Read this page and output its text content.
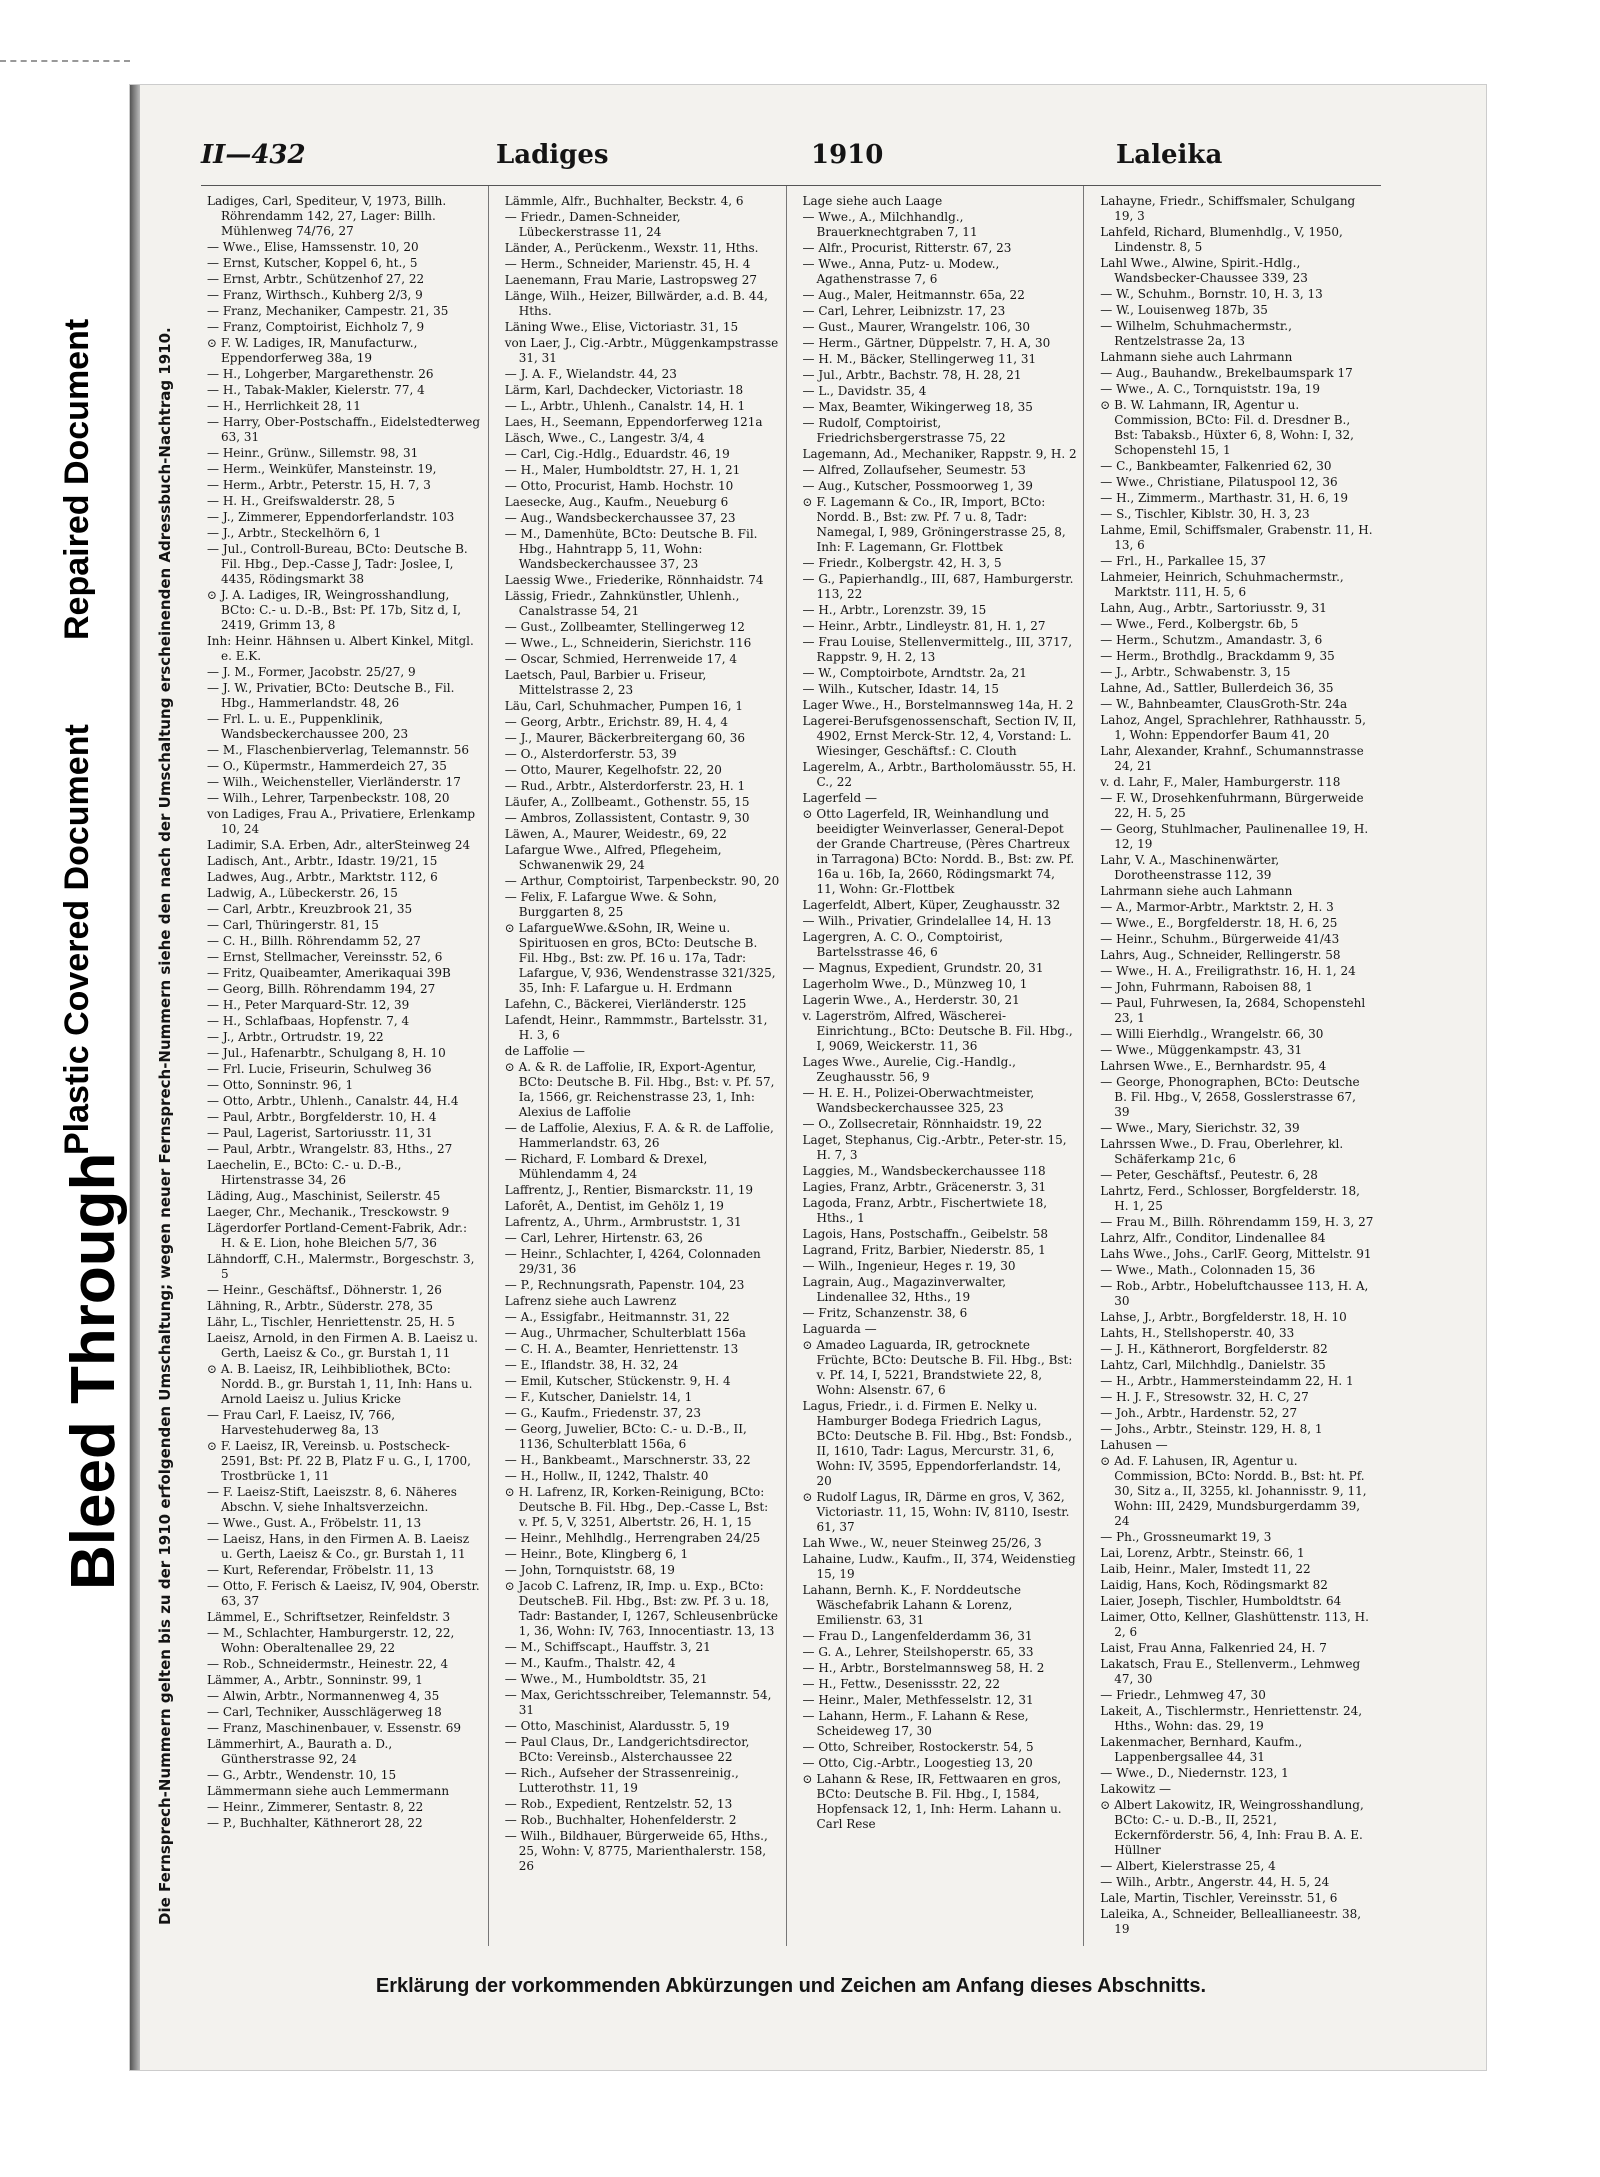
Bleed Through
Plastic Covered Document
Repaired Document
II—432	Ladiges	1910	Laleika
Die Fernsprech-Nummern gelten bis zu der 1910 erfolgenden Umschaltung; wegen neuer Fernsprech-Nummern siehe den nach der Umschaltung erscheinenden Adressbuch-Nachtrag 1910.
Ladiges, Carl, Spediteur, V, 1973, Billh. Röhrendamm 142, 27, Lager: Billh. Mühlenweg 74/76, 27
— Wwe., Elise, Hamssenstr. 10, 20
— Ernst, Kutscher, Koppel 6, ht., 5
— Ernst, Arbtr., Schützenhof 27, 22
— Franz, Wirthsch., Kuhberg 2/3, 9
— Franz, Mechaniker, Campestr. 21, 35
— Franz, Comptoirist, Eichholz 7, 9
⊙ F. W. Ladiges, IR, Manufacturw., Eppendorferweg 38a, 19
— H., Lohgerber, Margarethenstr. 26
— H., Tabak-Makler, Kielerstr. 77, 4
— H., Herrlichkeit 28, 11
— Harry, Ober-Postschaffn., Eidelstedterweg 63, 31
— Heinr., Grünw., Sillemstr. 98, 31
— Herm., Weinküfer, Mansteinstr. 19,
— Herm., Arbtr., Peterstr. 15, H. 7, 3
— H. H., Greifswalderstr. 28, 5
— J., Zimmerer, Eppendorferlandstr. 103
— J., Arbtr., Steckelhörn 6, 1
— Jul., Controll-Bureau, BCto: Deutsche B. Fil. Hbg., Dep.-Casse J, Tadr: Joslee, I, 4435, Rödingsmarkt 38
⊙ J. A. Ladiges, IR, Weingrosshandlung, BCto: C.- u. D.-B., Bst: Pf. 17b, Sitz d, I, 2419, Grimm 13, 8
Inh: Heinr. Hähnsen u. Albert Kinkel, Mitgl. e. E.K.
— J. M., Former, Jacobstr. 25/27, 9
— J. W., Privatier, BCto: Deutsche B., Fil. Hbg., Hammerlandstr. 48, 26
— Frl. L. u. E., Puppenklinik, Wandsbeckerchaussee 200, 23
— M., Flaschenbierverlag, Telemannstr. 56
— O., Küpermstr., Hammerdeich 27, 35
— Wilh., Weichensteller, Vierländerstr. 17
— Wilh., Lehrer, Tarpenbeckstr. 108, 20
von Ladiges, Frau A., Privatiere, Erlenkamp 10, 24
Ladimir, S.A. Erben, Adr., alterSteinweg 24
Ladisch, Ant., Arbtr., Idastr. 19/21, 15
Ladwes, Aug., Arbtr., Marktstr. 112, 6
Ladwig, A., Lübeckerstr. 26, 15
— Carl, Arbtr., Kreuzbrook 21, 35
— Carl, Thüringerstr. 81, 15
— C. H., Billh. Röhrendamm 52, 27
— Ernst, Stellmacher, Vereinsstr. 52, 6
— Fritz, Quaibeamter, Amerikaquai 39B
— Georg, Billh. Röhrendamm 194, 27
— H., Peter Marquard-Str. 12, 39
— H., Schlafbaas, Hopfenstr. 7, 4
— J., Arbtr., Ortrudstr. 19, 22
— Jul., Hafenarbtr., Schulgang 8, H. 10
— Frl. Lucie, Friseurin, Schulweg 36
— Otto, Sonninstr. 96, 1
— Otto, Arbtr., Uhlenh., Canalstr. 44, H.4
— Paul, Arbtr., Borgfelderstr. 10, H. 4
— Paul, Lagerist, Sartoriusstr. 11, 31
— Paul, Arbtr., Wrangelstr. 83, Hths., 27
Laechelin, E., BCto: C.- u. D.-B., Hirtenstrasse 34, 26
Läding, Aug., Maschinist, Seilerstr. 45
Laeger, Chr., Mechanik., Tresckowstr. 9
Lägerdorfer Portland-Cement-Fabrik, Adr.: H. & E. Lion, hohe Bleichen 5/7, 36
Lähndorff, C.H., Malermstr., Borgeschstr. 3, 5
— Heinr., Geschäftsf., Döhnerstr. 1, 26
Lähning, R., Arbtr., Süderstr. 278, 35
Lähr, L., Tischler, Henriettenstr. 25, H. 5
Laeisz, Arnold, in den Firmen A. B. Laeisz u. Gerth, Laeisz & Co., gr. Burstah 1, 11
⊙ A. B. Laeisz, IR, Leihbibliothek, BCto: Nordd. B., gr. Burstah 1, 11, Inh: Hans u. Arnold Laeisz u. Julius Kricke
— Frau Carl, F. Laeisz, IV, 766, Harvestehuderweg 8a, 13
⊙ F. Laeisz, IR, Vereinsb. u. Postscheck- 2591, Bst: Pf. 22 B, Platz F u. G., I, 1700, Trostbrücke 1, 11
— F. Laeisz-Stift, Laeiszstr. 8, 6. Näheres Abschn. V, siehe Inhaltsverzeichn.
— Wwe., Gust. A., Fröbelstr. 11, 13
— Laeisz, Hans, in den Firmen A. B. Laeisz u. Gerth, Laeisz & Co., gr. Burstah 1, 11
— Kurt, Referendar, Fröbelstr. 11, 13
— Otto, F. Ferisch & Laeisz, IV, 904, Oberstr. 63, 37
Lämmel, E., Schriftsetzer, Reinfeldstr. 3
— M., Schlachter, Hamburgerstr. 12, 22, Wohn: Oberaltenallee 29, 22
— Rob., Schneidermstr., Heinestr. 22, 4
Lämmer, A., Arbtr., Sonninstr. 99, 1
— Alwin, Arbtr., Normannenweg 4, 35
— Carl, Techniker, Ausschlägerweg 18
— Franz, Maschinenbauer, v. Essenstr. 69
Lämmerhirt, A., Baurath a. D., Güntherstrasse 92, 24
— G., Arbtr., Wendenstr. 10, 15
Lämmermann siehe auch Lemmermann
— Heinr., Zimmerer, Sentastr. 8, 22
— P., Buchhalter, Käthnerort 28, 22
Lämmle, Alfr., Buchhalter, Beckstr. 4, 6
— Friedr., Damen-Schneider, Lübeckerstrasse 11, 24
Länder, A., Perückenm., Wexstr. 11, Hths.
— Herm., Schneider, Marienstr. 45, H. 4
Laenemann, Frau Marie, Lastropsweg 27
Länge, Wilh., Heizer, Billwärder, a.d. B. 44, Hths.
Läning Wwe., Elise, Victoriastr. 31, 15
von Laer, J., Cig.-Arbtr., Müggenkampstrasse 31, 31
— J. A. F., Wielandstr. 44, 23
Lärm, Karl, Dachdecker, Victoriastr. 18
— L., Arbtr., Uhlenh., Canalstr. 14, H. 1
Laes, H., Seemann, Eppendorferweg 121a
Läsch, Wwe., C., Langestr. 3/4, 4
— Carl, Cig.-Hdlg., Eduardstr. 46, 19
— H., Maler, Humboldtstr. 27, H. 1, 21
— Otto, Procurist, Hamb. Hochstr. 10
Laesecke, Aug., Kaufm., Neueburg 6
— Aug., Wandsbeckerchaussee 37, 23
— M., Damenhüte, BCto: Deutsche B. Fil. Hbg., Hahntrapp 5, 11, Wohn: Wandsbeckerchaussee 37, 23
Laessig Wwe., Friederike, Rönnhaidstr. 74
Lässig, Friedr., Zahnkünstler, Uhlenh., Canalstrasse 54, 21
— Gust., Zollbeamter, Stellingerweg 12
— Wwe., L., Schneiderin, Sierichstr. 116
— Oscar, Schmied, Herrenweide 17, 4
Laetsch, Paul, Barbier u. Friseur, Mittelstrasse 2, 23
Läu, Carl, Schuhmacher, Pumpen 16, 1
— Georg, Arbtr., Erichstr. 89, H. 4, 4
— J., Maurer, Bäckerbreitergang 60, 36
— O., Alsterdorferstr. 53, 39
— Otto, Maurer, Kegelhofstr. 22, 20
— Rud., Arbtr., Alsterdorferstr. 23, H. 1
Läufer, A., Zollbeamt., Gothenstr. 55, 15
— Ambros, Zollassistent, Contastr. 9, 30
Läwen, A., Maurer, Weidestr., 69, 22
Lafargue Wwe., Alfred, Pflegeheim, Schwanenwik 29, 24
— Arthur, Comptoirist, Tarpenbeckstr. 90, 20
— Felix, F. Lafargue Wwe. & Sohn, Burggarten 8, 25
⊙ LafargueWwe.&Sohn, IR, Weine u. Spirituosen en gros, BCto: Deutsche B. Fil. Hbg., Bst: zw. Pf. 16 u. 17a, Tadr: Lafargue, V, 936, Wendenstrasse 321/325, 35, Inh: F. Lafargue u. H. Erdmann
Lafehn, C., Bäckerei, Vierländerstr. 125
Lafendt, Heinr., Rammmstr., Bartelsstr. 31, H. 3, 6
de Laffolie —
⊙ A. & R. de Laffolie, IR, Export-Agentur, BCto: Deutsche B. Fil. Hbg., Bst: v. Pf. 57, Ia, 1566, gr. Reichenstrasse 23, 1, Inh: Alexius de Laffolie
— de Laffolie, Alexius, F. A. & R. de Laffolie, Hammerlandstr. 63, 26
— Richard, F. Lombard & Drexel, Mühlendamm 4, 24
Laffrentz, J., Rentier, Bismarckstr. 11, 19
Laforêt, A., Dentist, im Gehölz 1, 19
Lafrentz, A., Uhrm., Armbruststr. 1, 31
— Carl, Lehrer, Hirtenstr. 63, 26
— Heinr., Schlachter, I, 4264, Colonnaden 29/31, 36
— P., Rechnungsrath, Papenstr. 104, 23
Lafrenz siehe auch Lawrenz
— A., Essigfabr., Heitmannstr. 31, 22
— Aug., Uhrmacher, Schulterblatt 156a
— C. H. A., Beamter, Henriettenstr. 13
— E., Iflandstr. 38, H. 32, 24
— Emil, Kutscher, Stückenstr. 9, H. 4
— F., Kutscher, Danielstr. 14, 1
— G., Kaufm., Friedenstr. 37, 23
— Georg, Juwelier, BCto: C.- u. D.-B., II, 1136, Schulterblatt 156a, 6
— H., Bankbeamt., Marschnerstr. 33, 22
— H., Hollw., II, 1242, Thalstr. 40
⊙ H. Lafrenz, IR, Korken-Reinigung, BCto: Deutsche B. Fil. Hbg., Dep.-Casse L, Bst: v. Pf. 5, V, 3251, Albertstr. 26, H. 1, 15
— Heinr., Mehlhdlg., Herrengraben 24/25
— Heinr., Bote, Klingberg 6, 1
— John, Tornquiststr. 68, 19
⊙ Jacob C. Lafrenz, IR, Imp. u. Exp., BCto: DeutscheB. Fil. Hbg., Bst: zw. Pf. 3 u. 18, Tadr: Bastander, I, 1267, Schleusenbrücke 1, 36, Wohn: IV, 763, Innocentiastr. 13, 13
— M., Schiffscapt., Hauffstr. 3, 21
— M., Kaufm., Thalstr. 42, 4
— Wwe., M., Humboldtstr. 35, 21
— Max, Gerichtsschreiber, Telemannstr. 54, 31
— Otto, Maschinist, Alardusstr. 5, 19
— Paul Claus, Dr., Landgerichtsdirector, BCto: Vereinsb., Alsterchaussee 22
— Rich., Aufseher der Strassenreinig., Lutterothstr. 11, 19
— Rob., Expedient, Rentzelstr. 52, 13
— Rob., Buchhalter, Hohenfelderstr. 2
— Wilh., Bildhauer, Bürgerweide 65, Hths., 25, Wohn: V, 8775, Marienthalerstr. 158, 26
Lage siehe auch Laage
— Wwe., A., Milchhandlg., Brauerknechtgraben 7, 11
— Alfr., Procurist, Ritterstr. 67, 23
— Wwe., Anna, Putz- u. Modew., Agathenstrasse 7, 6
— Aug., Maler, Heitmannstr. 65a, 22
— Carl, Lehrer, Leibnizstr. 17, 23
— Gust., Maurer, Wrangelstr. 106, 30
— Herm., Gärtner, Düppelstr. 7, H. A, 30
— H. M., Bäcker, Stellingerweg 11, 31
— Jul., Arbtr., Bachstr. 78, H. 28, 21
— L., Davidstr. 35, 4
— Max, Beamter, Wikingerweg 18, 35
— Rudolf, Comptoirist, Friedrichsbergerstrasse 75, 22
Lagemann, Ad., Mechaniker, Rappstr. 9, H. 2
— Alfred, Zollaufseher, Seumestr. 53
— Aug., Kutscher, Possmoorweg 1, 39
⊙ F. Lagemann & Co., IR, Import, BCto: Nordd. B., Bst: zw. Pf. 7 u. 8, Tadr: Namegal, I, 989, Gröningerstrasse 25, 8, Inh: F. Lagemann, Gr. Flottbek
— Friedr., Kolbergstr. 42, H. 3, 5
— G., Papierhandlg., III, 687, Hamburgerstr. 113, 22
— H., Arbtr., Lorenzstr. 39, 15
— Heinr., Arbtr., Lindleystr. 81, H. 1, 27
— Frau Louise, Stellenvermittelg., III, 3717, Rappstr. 9, H. 2, 13
— W., Comptoirbote, Arndtstr. 2a, 21
— Wilh., Kutscher, Idastr. 14, 15
Lager Wwe., H., Borstelmannsweg 14a, H. 2
Lagerei-Berufsgenossenschaft, Section IV, II, 4902, Ernst Merck-Str. 12, 4, Vorstand: L. Wiesinger, Geschäftsf.: C. Clouth
Lagerelm, A., Arbtr., Bartholomäusstr. 55, H. C., 22
Lagerfeld —
⊙ Otto Lagerfeld, IR, Weinhandlung und beeidigter Weinverlasser, General-Depot der Grande Chartreuse, (Pères Chartreux in Tarragona) BCto: Nordd. B., Bst: zw. Pf. 16a u. 16b, Ia, 2660, Rödingsmarkt 74, 11, Wohn: Gr.-Flottbek
Lagerfeldt, Albert, Küper, Zeughausstr. 32
— Wilh., Privatier, Grindelallee 14, H. 13
Lagergren, A. C. O., Comptoirist, Bartelsstrasse 46, 6
— Magnus, Expedient, Grundstr. 20, 31
Lagerholm Wwe., D., Münzweg 10, 1
Lagerin Wwe., A., Herderstr. 30, 21
v. Lagerström, Alfred, Wäscherei-Einrichtung., BCto: Deutsche B. Fil. Hbg., I, 9069, Weickerstr. 11, 36
Lages Wwe., Aurelie, Cig.-Handlg., Zeughausstr. 56, 9
— H. E. H., Polizei-Oberwachtmeister, Wandsbeckerchaussee 325, 23
— O., Zollsecretair, Rönnhaidstr. 19, 22
Laget, Stephanus, Cig.-Arbtr., Peter-str. 15, H. 7, 3
Laggies, M., Wandsbeckerchaussee 118
Lagies, Franz, Arbtr., Gräcenerstr. 3, 31
Lagoda, Franz, Arbtr., Fischertwiete 18, Hths., 1
Lagois, Hans, Postschaffn., Geibelstr. 58
Lagrand, Fritz, Barbier, Niederstr. 85, 1
— Wilh., Ingenieur, Heges r. 19, 30
Lagrain, Aug., Magazinverwalter, Lindenallee 32, Hths., 19
— Fritz, Schanzenstr. 38, 6
Laguarda —
⊙ Amadeo Laguarda, IR, getrocknete Früchte, BCto: Deutsche B. Fil. Hbg., Bst: v. Pf. 14, I, 5221, Brandstwiete 22, 8, Wohn: Alsenstr. 67, 6
Lagus, Friedr., i. d. Firmen E. Nelky u. Hamburger Bodega Friedrich Lagus, BCto: Deutsche B. Fil. Hbg., Bst: Fondsb., II, 1610, Tadr: Lagus, Mercurstr. 31, 6, Wohn: IV, 3595, Eppendorferlandstr. 14, 20
⊙ Rudolf Lagus, IR, Därme en gros, V, 362, Victoriastr. 11, 15, Wohn: IV, 8110, Isestr. 61, 37
Lah Wwe., W., neuer Steinweg 25/26, 3
Lahaine, Ludw., Kaufm., II, 374, Weidenstieg 15, 19
Lahann, Bernh. K., F. Norddeutsche Wäschefabrik Lahann & Lorenz, Emilienstr. 63, 31
— Frau D., Langenfelderdamm 36, 31
— G. A., Lehrer, Steilshoperstr. 65, 33
— H., Arbtr., Borstelmannsweg 58, H. 2
— H., Fettw., Desenissstr. 22, 22
— Heinr., Maler, Methfesselstr. 12, 31
— Lahann, Herm., F. Lahann & Rese, Scheideweg 17, 30
— Otto, Schreiber, Rostockerstr. 54, 5
— Otto, Cig.-Arbtr., Loogestieg 13, 20
⊙ Lahann & Rese, IR, Fettwaaren en gros, BCto: Deutsche B. Fil. Hbg., I, 1584, Hopfensack 12, 1, Inh: Herm. Lahann u. Carl Rese
Lahayne, Friedr., Schiffsmaler, Schulgang 19, 3
Lahfeld, Richard, Blumenhdlg., V, 1950, Lindenstr. 8, 5
Lahl Wwe., Alwine, Spirit.-Hdlg., Wandsbecker-Chaussee 339, 23
— W., Schuhm., Bornstr. 10, H. 3, 13
— W., Louisenweg 187b, 35
— Wilhelm, Schuhmachermstr., Rentzelstrasse 2a, 13
Lahmann siehe auch Lahrmann
— Aug., Bauhandw., Brekelbaumspark 17
— Wwe., A. C., Tornquiststr. 19a, 19
⊙ B. W. Lahmann, IR, Agentur u. Commission, BCto: Fil. d. Dresdner B., Bst: Tabaksb., Hüxter 6, 8, Wohn: I, 32, Schopenstehl 15, 1
— C., Bankbeamter, Falkenried 62, 30
— Wwe., Christiane, Pilatuspool 12, 36
— H., Zimmerm., Marthastr. 31, H. 6, 19
— S., Tischler, Kiblstr. 30, H. 3, 23
Lahme, Emil, Schiffsmaler, Grabenstr. 11, H. 13, 6
— Frl., H., Parkallee 15, 37
Lahmeier, Heinrich, Schuhmachermstr., Marktstr. 111, H. 5, 6
Lahn, Aug., Arbtr., Sartoriusstr. 9, 31
— Wwe., Ferd., Kolbergstr. 6b, 5
— Herm., Schutzm., Amandastr. 3, 6
— Herm., Brothdlg., Brackdamm 9, 35
— J., Arbtr., Schwabenstr. 3, 15
Lahne, Ad., Sattler, Bullerdeich 36, 35
— W., Bahnbeamter, ClausGroth-Str. 24a
Lahoz, Angel, Sprachlehrer, Rathhausstr. 5, 1, Wohn: Eppendorfer Baum 41, 20
Lahr, Alexander, Krahnf., Schumannstrasse 24, 21
v. d. Lahr, F., Maler, Hamburgerstr. 118
— F. W., Drosehkenfuhrmann, Bürgerweide 22, H. 5, 25
— Georg, Stuhlmacher, Paulinenallee 19, H. 12, 19
Lahr, V. A., Maschinenwärter, Dorotheenstrasse 112, 39
Lahrmann siehe auch Lahmann
— A., Marmor-Arbtr., Marktstr. 2, H. 3
— Wwe., E., Borgfelderstr. 18, H. 6, 25
— Heinr., Schuhm., Bürgerweide 41/43
Lahrs, Aug., Schneider, Rellingerstr. 58
— Wwe., H. A., Freiligrathstr. 16, H. 1, 24
— John, Fuhrmann, Raboisen 88, 1
— Paul, Fuhrwesen, Ia, 2684, Schopenstehl 23, 1
— Willi Eierhdlg., Wrangelstr. 66, 30
— Wwe., Müggenkampstr. 43, 31
Lahrsen Wwe., E., Bernhardstr. 95, 4
— George, Phonographen, BCto: Deutsche B. Fil. Hbg., V, 2658, Gosslerstrasse 67, 39
— Wwe., Mary, Sierichstr. 32, 39
Lahrssen Wwe., D. Frau, Oberlehrer, kl. Schäferkamp 21c, 6
— Peter, Geschäftsf., Peutestr. 6, 28
Lahrtz, Ferd., Schlosser, Borgfelderstr. 18, H. 1, 25
— Frau M., Billh. Röhrendamm 159, H. 3, 27
Lahrz, Alfr., Conditor, Lindenallee 84
Lahs Wwe., Johs., CarlF. Georg, Mittelstr. 91
— Wwe., Math., Colonnaden 15, 36
— Rob., Arbtr., Hobeluftchaussee 113, H. A, 30
Lahse, J., Arbtr., Borgfelderstr. 18, H. 10
Lahts, H., Stellshoperstr. 40, 33
— J. H., Käthnerort, Borgfelderstr. 82
Lahtz, Carl, Milchhdlg., Danielstr. 35
— H., Arbtr., Hammersteindamm 22, H. 1
— H. J. F., Stresowstr. 32, H. C, 27
— Joh., Arbtr., Hardenstr. 52, 27
— Johs., Arbtr., Steinstr. 129, H. 8, 1
Lahusen —
⊙ Ad. F. Lahusen, IR, Agentur u. Commission, BCto: Nordd. B., Bst: ht. Pf. 30, Sitz a., II, 3255, kl. Johannisstr. 9, 11, Wohn: III, 2429, Mundsburgerdamm 39, 24
— Ph., Grossneumarkt 19, 3
Lai, Lorenz, Arbtr., Steinstr. 66, 1
Laib, Heinr., Maler, Imstedt 11, 22
Laidig, Hans, Koch, Rödingsmarkt 82
Laier, Joseph, Tischler, Humboldtstr. 64
Laimer, Otto, Kellner, Glashüttenstr. 113, H. 2, 6
Laist, Frau Anna, Falkenried 24, H. 7
Lakatsch, Frau E., Stellenverm., Lehmweg 47, 30
— Friedr., Lehmweg 47, 30
Lakeit, A., Tischlermstr., Henriettenstr. 24, Hths., Wohn: das. 29, 19
Lakenmacher, Bernhard, Kaufm., Lappenbergsallee 44, 31
— Wwe., D., Niedernstr. 123, 1
Lakowitz —
⊙ Albert Lakowitz, IR, Weingrosshandlung, BCto: C.- u. D.-B., II, 2521, Eckernförderstr. 56, 4, Inh: Frau B. A. E. Hüllner
— Albert, Kielerstrasse 25, 4
— Wilh., Arbtr., Angerstr. 44, H. 5, 24
Lale, Martin, Tischler, Vereinsstr. 51, 6
Laleika, A., Schneider, Belleallianeestr. 38, 19
Erklärung der vorkommenden Abkürzungen und Zeichen am Anfang dieses Abschnitts.
